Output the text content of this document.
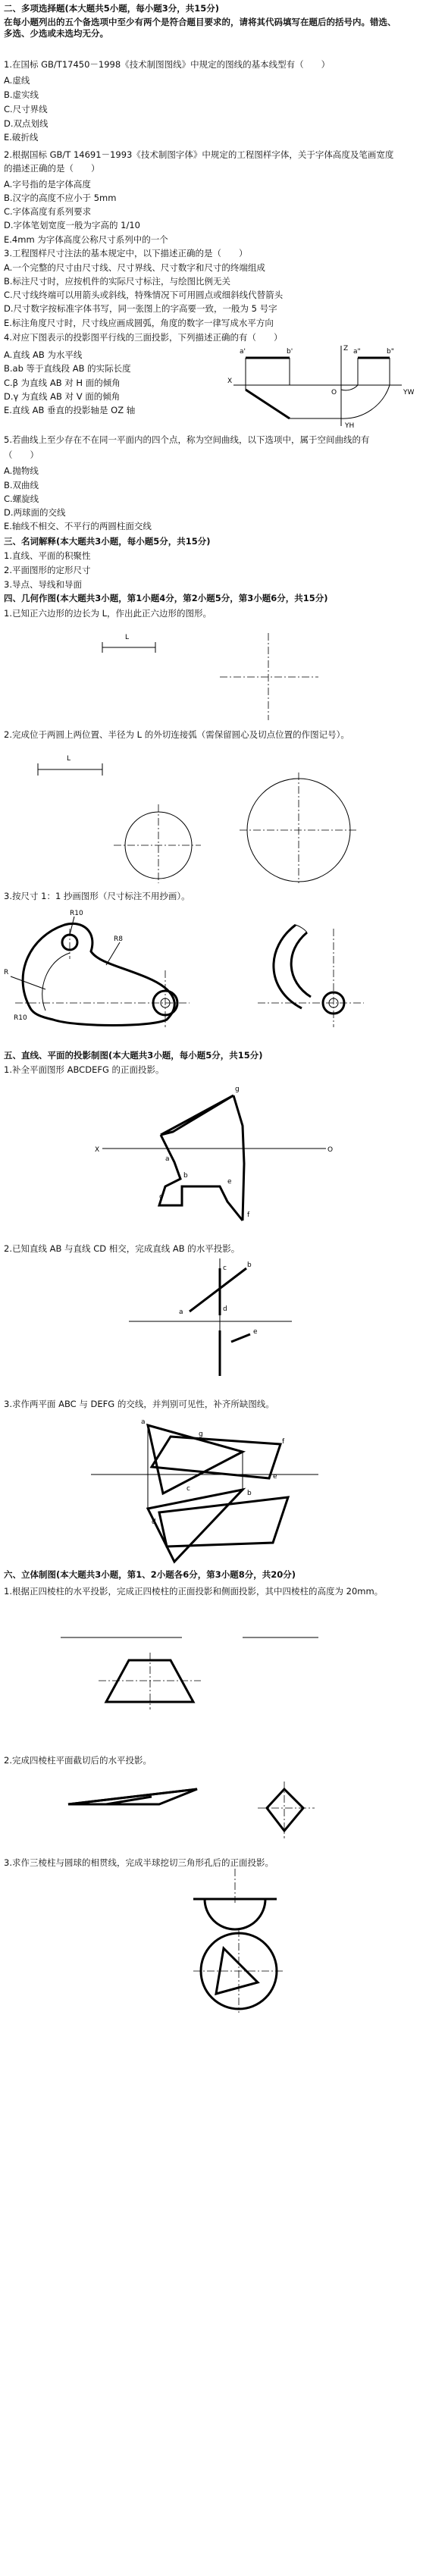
二、多项选择题(本大题共5小题，每小题3分，共15分)
在每小题列出的五个备选项中至少有两个是符合题目要求的，请将其代码填写在题后的括号内。错选、多选、少选或未选均无分。
1.在国标 GB/T17450－1998《技术制图图线》中规定的图线的基本线型有（　　）
A.虚线
B.虚实线
C.尺寸界线
D.双点划线
E.破折线
2.根据国标 GB/T 14691－1993《技术制图字体》中规定的工程图样字体，关于字体高度及笔画宽度的描述正确的是（　　）
A.字号指的是字体高度
B.汉字的高度不应小于 5mm
C.字体高度有系列要求
D.字体笔划宽度一般为字高的 1/10
E.4mm 为字体高度公称尺寸系列中的一个
3.工程图样尺寸注法的基本规定中，以下描述正确的是（　　）
A.一个完整的尺寸由尺寸线、尺寸界线、尺寸数字和尺寸的终端组成
B.标注尺寸时，应按机件的实际尺寸标注，与绘图比例无关
C.尺寸线终端可以用箭头或斜线，特殊情况下可用圆点或细斜线代替箭头
D.尺寸数字按标准字体书写，同一张图上的字高要一致，一般为 5 号字
E.标注角度尺寸时，尺寸线应画成圆弧，角度的数字一律写成水平方向
4.对应下图表示的投影图平行线的三面投影，下列描述正确的有（　　）
A.直线 AB 为水平线
B.ab 等于直线段 AB 的实际长度
C.β 为直线 AB 对 H 面的倾角
D.γ 为直线 AB 对 V 面的倾角
E.直线 AB 垂直的投影轴是 OZ 轴
X
O
Z
YW
YH
a'	b'	a"	b"
5.若曲线上至少存在不在同一平面内的四个点，称为空间曲线，以下选项中，属于空间曲线的有（　　）
A.抛物线
B.双曲线
C.螺旋线
D.两球面的交线
E.轴线不相交、不平行的两圆柱面交线
三、名词解释(本大题共3小题，每小题5分，共15分)
1.直线、平面的积聚性
2.平面图形的定形尺寸
3.导点、导线和导面
四、几何作图(本大题共3小题，第1小题4分，第2小题5分，第3小题6分，共15分)
1.已知正六边形的边长为 L，作出此正六边形的图形。
L
2.完成位于两圆上两位置、半径为 L 的外切连接弧（需保留圆心及切点位置的作图记号）。
L
3.按尺寸 1：1 抄画图形（尺寸标注不用抄画）。
R10
R8
R
R10
五、直线、平面的投影制图(本大题共3小题，每小题5分，共15分)
1.补全平面图形 ABCDEFG 的正面投影。
X	O
g
a
b
c
e
f
2.已知直线 AB 与直线 CD 相交，完成直线 AB 的水平投影。
a
b
c
d
e
3.求作两平面 ABC 与 DEFG 的交线，并判别可见性，补齐所缺图线。
a
g
f
c
e
d
b
六、立体制图(本大题共3小题，第1、2小题各6分，第3小题8分，共20分)
1.根据正四棱柱的水平投影，完成正四棱柱的正面投影和侧面投影，其中四棱柱的高度为 20mm。
2.完成四棱柱平面截切后的水平投影。
3.求作三棱柱与圆球的相贯线，完成半球挖切三角形孔后的正面投影。
